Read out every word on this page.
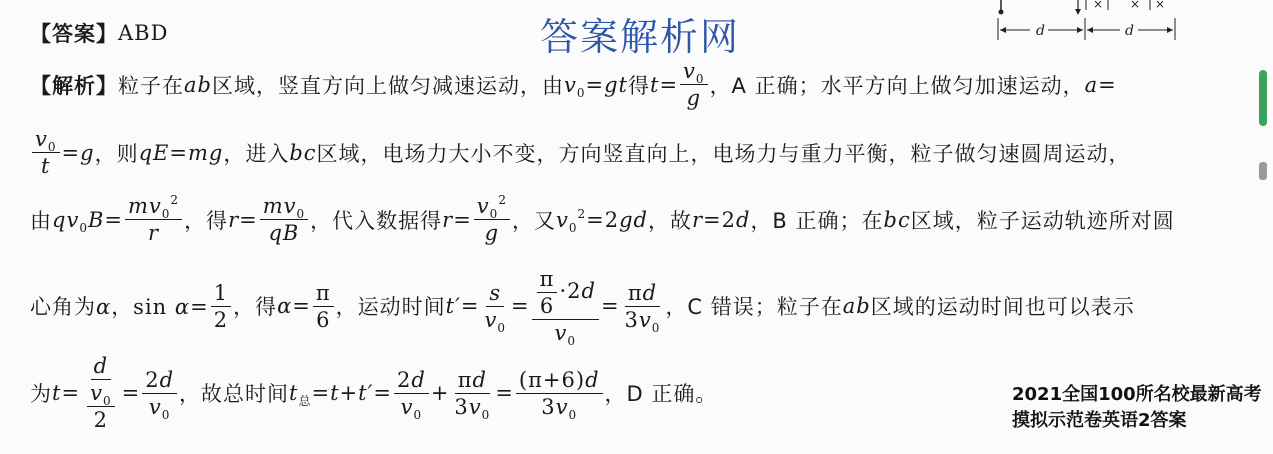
× × ×
d	d
答案解析网
【答案】 ABD
【解析】 粒子在 ab 区域，竖直方向上做匀减速运动，由 $v_0=gt$ 得 $t= \frac{v_0}{g}$ ，A 正确；水平方向上做匀加速运动， a=
$\frac{v_0}{t} =g$ ，则 qE=mg ，进入 bc 区域，电场力大小不变，方向竖直向上，电场力与重力平衡，粒子做匀速圆周运动，
由 $qv_0B= \frac{mv_0^2}{r}$ ，得 $r= \frac{mv_0}{qB}$ ，代入数据得 $r= \frac{v_0^2}{g}$ ，又 $v_0^2=2gd$ ，故 r=2d ，B 正确；在 bc 区域，粒子运动轨迹所对圆
心角为 α，$\sin \alpha= \frac{1}{2}$ ，得 $\alpha= \frac{\pi}{6}$ ，运动时间 $t'= \frac{s}{v_0} = \frac{\frac{\pi}{6} \cdot 2d}{v_0} = \frac{\pi d}{3v_0}$ ，C 错误；粒子在 ab 区域的运动时间也可以表示
为 $t= \frac{d}{\frac{v_0}{2}} = \frac{2d}{v_0}$ ，故总时间 $t_总=t+t'= \frac{2d}{v_0} + \frac{\pi d}{3v_0} = \frac{(\pi+6)d}{3v_0}$ ，D 正确。	2021全国100所名校最新高考摸拟示范卷英语2答案
